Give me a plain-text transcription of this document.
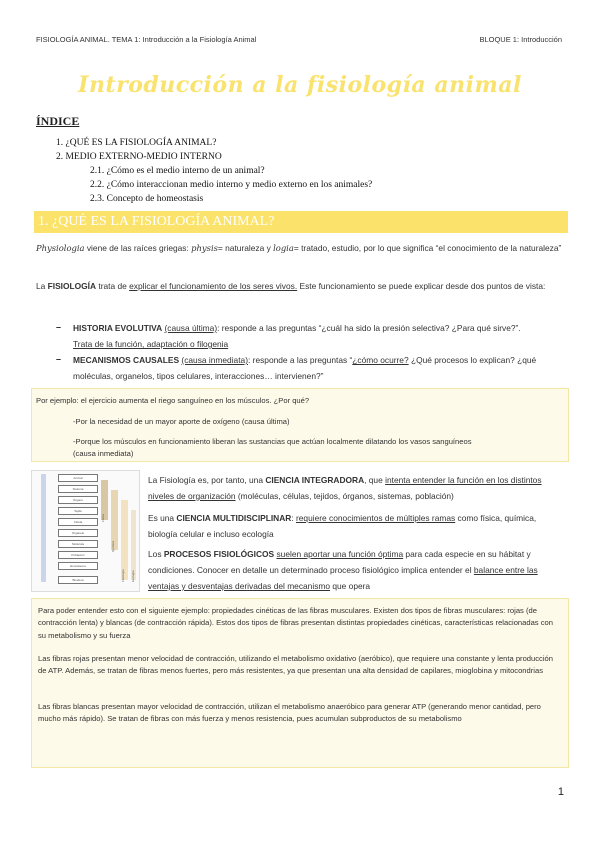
FISIOLOGÍA ANIMAL. TEMA 1: Introducción a la Fisiología Animal	BLOQUE 1: Introducción
Introducción a la fisiología animal
ÍNDICE
1. ¿QUÉ ES LA FISIOLOGÍA ANIMAL?
2. MEDIO EXTERNO-MEDIO INTERNO
2.1. ¿Cómo es el medio interno de un animal?
2.2. ¿Cómo interaccionan medio interno y medio externo en los animales?
2.3. Concepto de homeostasis
1. ¿QUÉ ES LA FISIOLOGÍA ANIMAL?
Physiologia viene de las raíces griegas: physis= naturaleza y logia= tratado, estudio, por lo que significa “el conocimiento de la naturaleza”
La FISIOLOGÍA trata de explicar el funcionamiento de los seres vivos. Este funcionamiento se puede explicar desde dos puntos de vista:
– HISTORIA EVOLUTIVA (causa última): responde a las preguntas “¿cuál ha sido la presión selectiva? ¿Para qué sirve?”.
Trata de la función, adaptación o filogenia
– MECANISMOS CAUSALES (causa inmediata): responde a las preguntas “¿cómo ocurre? ¿Qué procesos lo explican? ¿qué moléculas, organelos, tipos celulares, interacciones… intervienen?”
Por ejemplo: el ejercicio aumenta el riego sanguíneo en los músculos. ¿Por qué?
-Por la necesidad de un mayor aporte de oxígeno (causa última)
-Porque los músculos en funcionamiento liberan las sustancias que actúan localmente dilatando los vasos sanguíneos
(causa inmediata)
Animal
Sistema
Órgano
Tejido
Célula
Organelo
Molécula
Población
Ecosistema
Biosfera
Física
Química
Fisiología Ecología
La Fisiología es, por tanto, una CIENCIA INTEGRADORA, que intenta entender la función en los distintos niveles de organización (moléculas, células, tejidos, órganos, sistemas, población)
Es una CIENCIA MULTIDISCIPLINAR: requiere conocimientos de múltiples ramas como física, química, biología celular e incluso ecología
Los PROCESOS FISIOLÓGICOS suelen aportar una función óptima para cada especie en su hábitat y condiciones. Conocer en detalle un determinado proceso fisiológico implica entender el balance entre las ventajas y desventajas derivadas del mecanismo que opera
Para poder entender esto con el siguiente ejemplo: propiedades cinéticas de las fibras musculares. Existen dos tipos de fibras musculares: rojas (de contracción lenta) y blancas (de contracción rápida). Estos dos tipos de fibras presentan distintas propiedades cinéticas, características relacionadas con su metabolismo y su fuerza
Las fibras rojas presentan menor velocidad de contracción, utilizando el metabolismo oxidativo (aeróbico), que requiere una constante y lenta producción de ATP. Además, se tratan de fibras menos fuertes, pero más resistentes, ya que presentan una alta densidad de capilares, mioglobina y mitocondrias
Las fibras blancas presentan mayor velocidad de contracción, utilizan el metabolismo anaeróbico para generar ATP (generando menor cantidad, pero mucho más rápido). Se tratan de fibras con más fuerza y menos resistencia, pues acumulan subproductos de su metabolismo
1
